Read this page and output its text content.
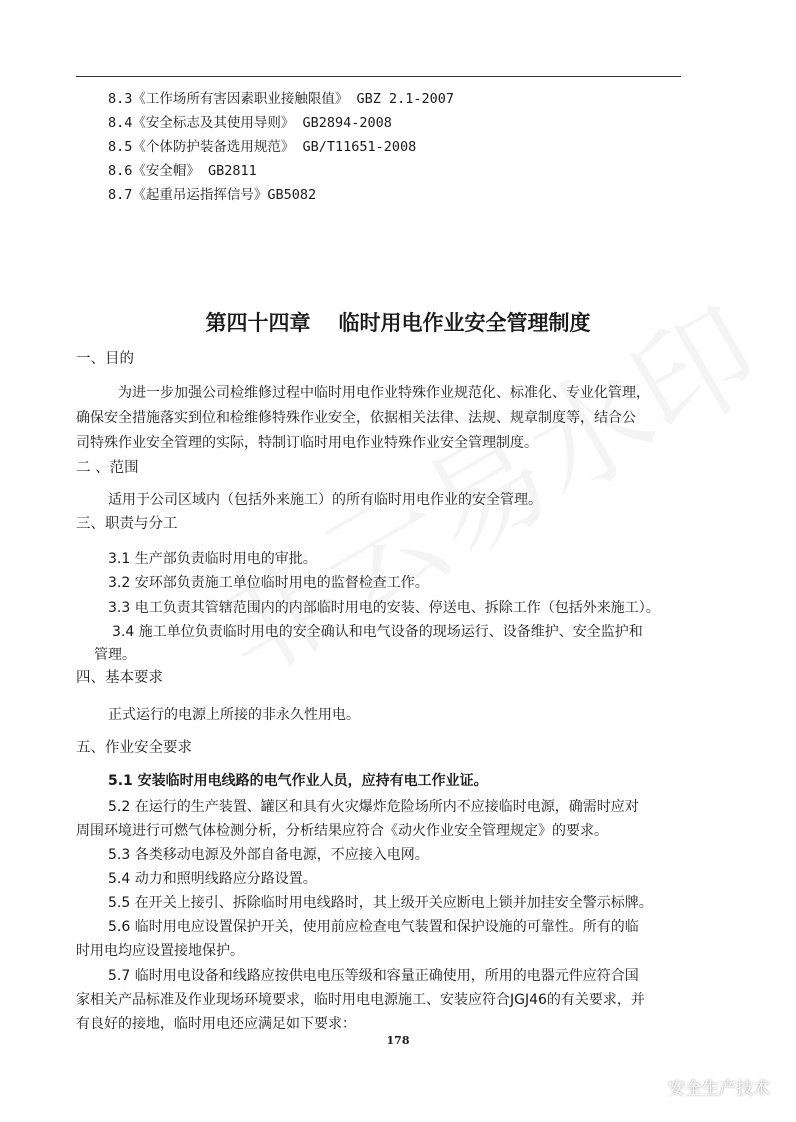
8.3《工作场所有害因素职业接触限值》 GBZ 2.1-2007
8.4《安全标志及其使用导则》 GB2894-2008
8.5《个体防护装备选用规范》 GB/T11651-2008
8.6《安全帽》 GB2811
8.7《起重吊运指挥信号》GB5082
第四十四章 临时用电作业安全管理制度
一、目的
为进一步加强公司检维修过程中临时用电作业特殊作业规范化、标准化、专业化管理，
确保安全措施落实到位和检维修特殊作业安全，依据相关法律、法规、规章制度等，结合公
司特殊作业安全管理的实际，特制订临时用电作业特殊作业安全管理制度。
二 、范围
适用于公司区域内（包括外来施工）的所有临时用电作业的安全管理。
三、职责与分工
3.1 生产部负责临时用电的审批。
3.2 安环部负责施工单位临时用电的监督检查工作。
3.3 电工负责其管辖范围内的内部临时用电的安装、停送电、拆除工作（包括外来施工）。
3.4 施工单位负责临时用电的安全确认和电气设备的现场运行、设备维护、安全监护和
管理。
四、基本要求
正式运行的电源上所接的非永久性用电。
五、作业安全要求
5.1 安装临时用电线路的电气作业人员，应持有电工作业证。
5.2 在运行的生产装置、罐区和具有火灾爆炸危险场所内不应接临时电源，确需时应对
周围环境进行可燃气体检测分析，分析结果应符合《动火作业安全管理规定》的要求。
5.3 各类移动电源及外部自备电源，不应接入电网。
5.4 动力和照明线路应分路设置。
5.5 在开关上接引、拆除临时用电线路时，其上级开关应断电上锁并加挂安全警示标牌。
5.6 临时用电应设置保护开关，使用前应检查电气装置和保护设施的可靠性。所有的临
时用电均应设置接地保护。
5.7 临时用电设备和线路应按供电电压等级和容量正确使用，所用的电器元件应符合国
家相关产品标准及作业现场环境要求，临时用电电源施工、安装应符合JGJ46的有关要求，并
有良好的接地，临时用电还应满足如下要求：
178
安全生产技术
